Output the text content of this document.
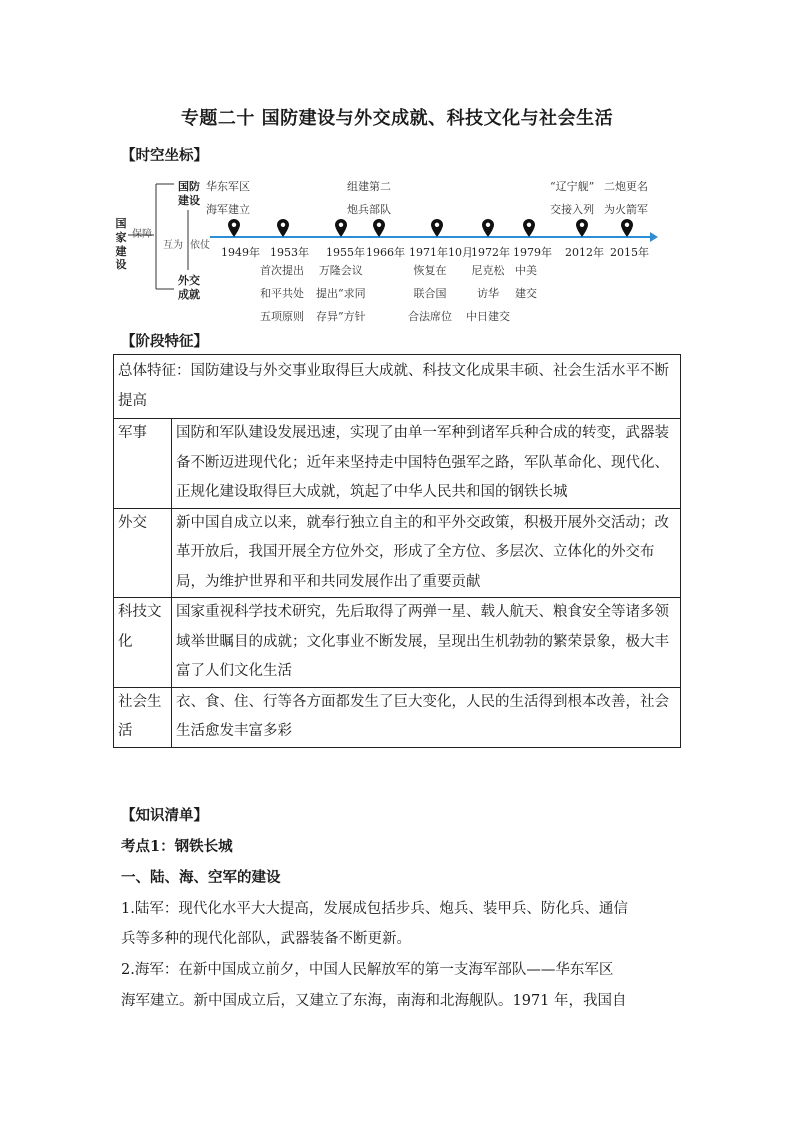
专题二十 国防建设与外交成就、科技文化与社会生活
【时空坐标】
国家建设
保障
互为 依仗
国防建设
外交成就
华东军区
海军建立
组建第二
炮兵部队
“辽宁舰”
交接入列
二炮更名
为火箭军
1949年 1953年 1955年 1966年 1971年10月
1972年 1979年 2012年 2015年
首次提出
和平共处
五项原则
万隆会议
提出“求同
存异”方针
恢复在
联合国
合法席位
尼克松
访华
中日建交
中美
建交
【阶段特征】
总体特征：国防建设与外交事业取得巨大成就、科技文化成果丰硕、社会生活水平不断提高	
军事	国防和军队建设发展迅速，实现了由单一军种到诸军兵种合成的转变，武器装备不断迈进现代化；近年来坚持走中国特色强军之路，军队革命化、现代化、正规化建设取得巨大成就，筑起了中华人民共和国的钢铁长城
外交	新中国自成立以来，就奉行独立自主的和平外交政策，积极开展外交活动；改革开放后，我国开展全方位外交，形成了全方位、多层次、立体化的外交布局，为维护世界和平和共同发展作出了重要贡献
科技文化	国家重视科学技术研究，先后取得了两弹一星、载人航天、粮食安全等诸多领域举世瞩目的成就；文化事业不断发展，呈现出生机勃勃的繁荣景象，极大丰富了人们文化生活
社会生活	衣、食、住、行等各方面都发生了巨大变化，人民的生活得到根本改善，社会生活愈发丰富多彩
【知识清单】
考点1：钢铁长城
一、陆、海、空军的建设
1.陆军：现代化水平大大提高，发展成包括步兵、炮兵、装甲兵、防化兵、通信
兵等多种的现代化部队，武器装备不断更新。
2.海军：在新中国成立前夕，中国人民解放军的第一支海军部队——华东军区
海军建立。新中国成立后，又建立了东海，南海和北海舰队。1971 年，我国自
